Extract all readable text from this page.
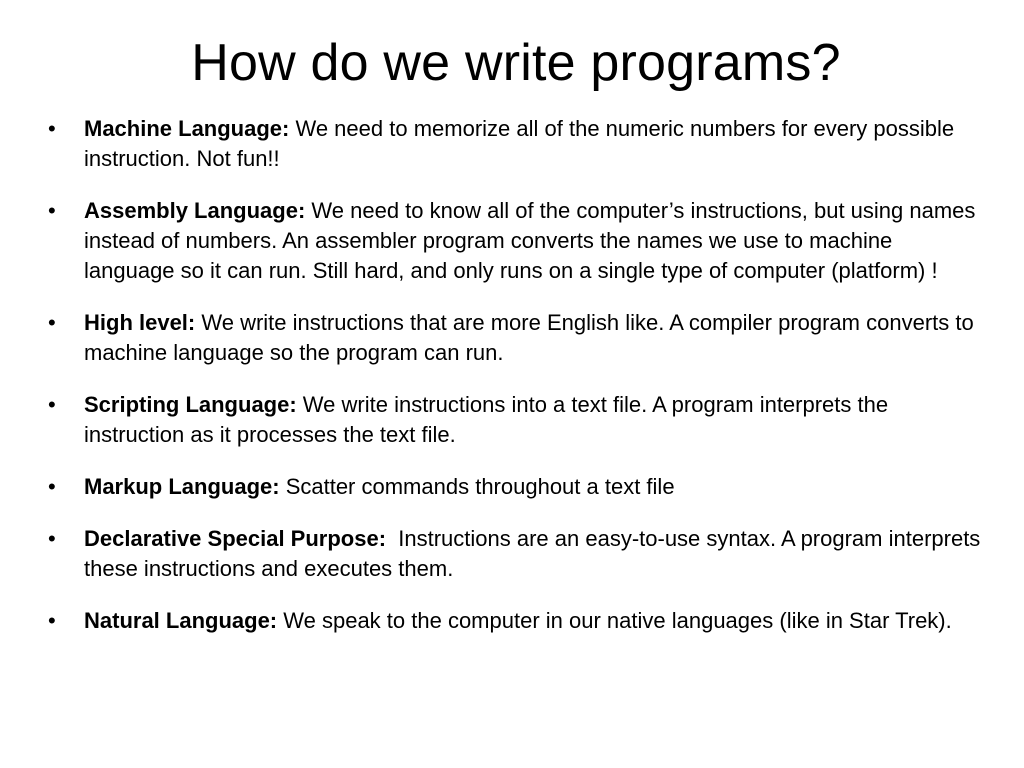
How do we write programs?
•	Machine Language: We need to memorize all of the numeric numbers for every possible instruction. Not fun!!
•	Assembly Language: We need to know all of the computer’s instructions, but using names instead of numbers. An assembler program converts the names we use to machine language so it can run. Still hard, and only runs on a single type of computer (platform) !
•	High level: We write instructions that are more English like. A compiler program converts to machine language so the program can run.
•	Scripting Language: We write instructions into a text file. A program interprets the instruction as it processes the text file.
•	Markup Language: Scatter commands throughout a text file
•	Declarative Special Purpose:  Instructions are an easy-to-use syntax. A program interprets these instructions and executes them.
•	Natural Language: We speak to the computer in our native languages (like in Star Trek).
